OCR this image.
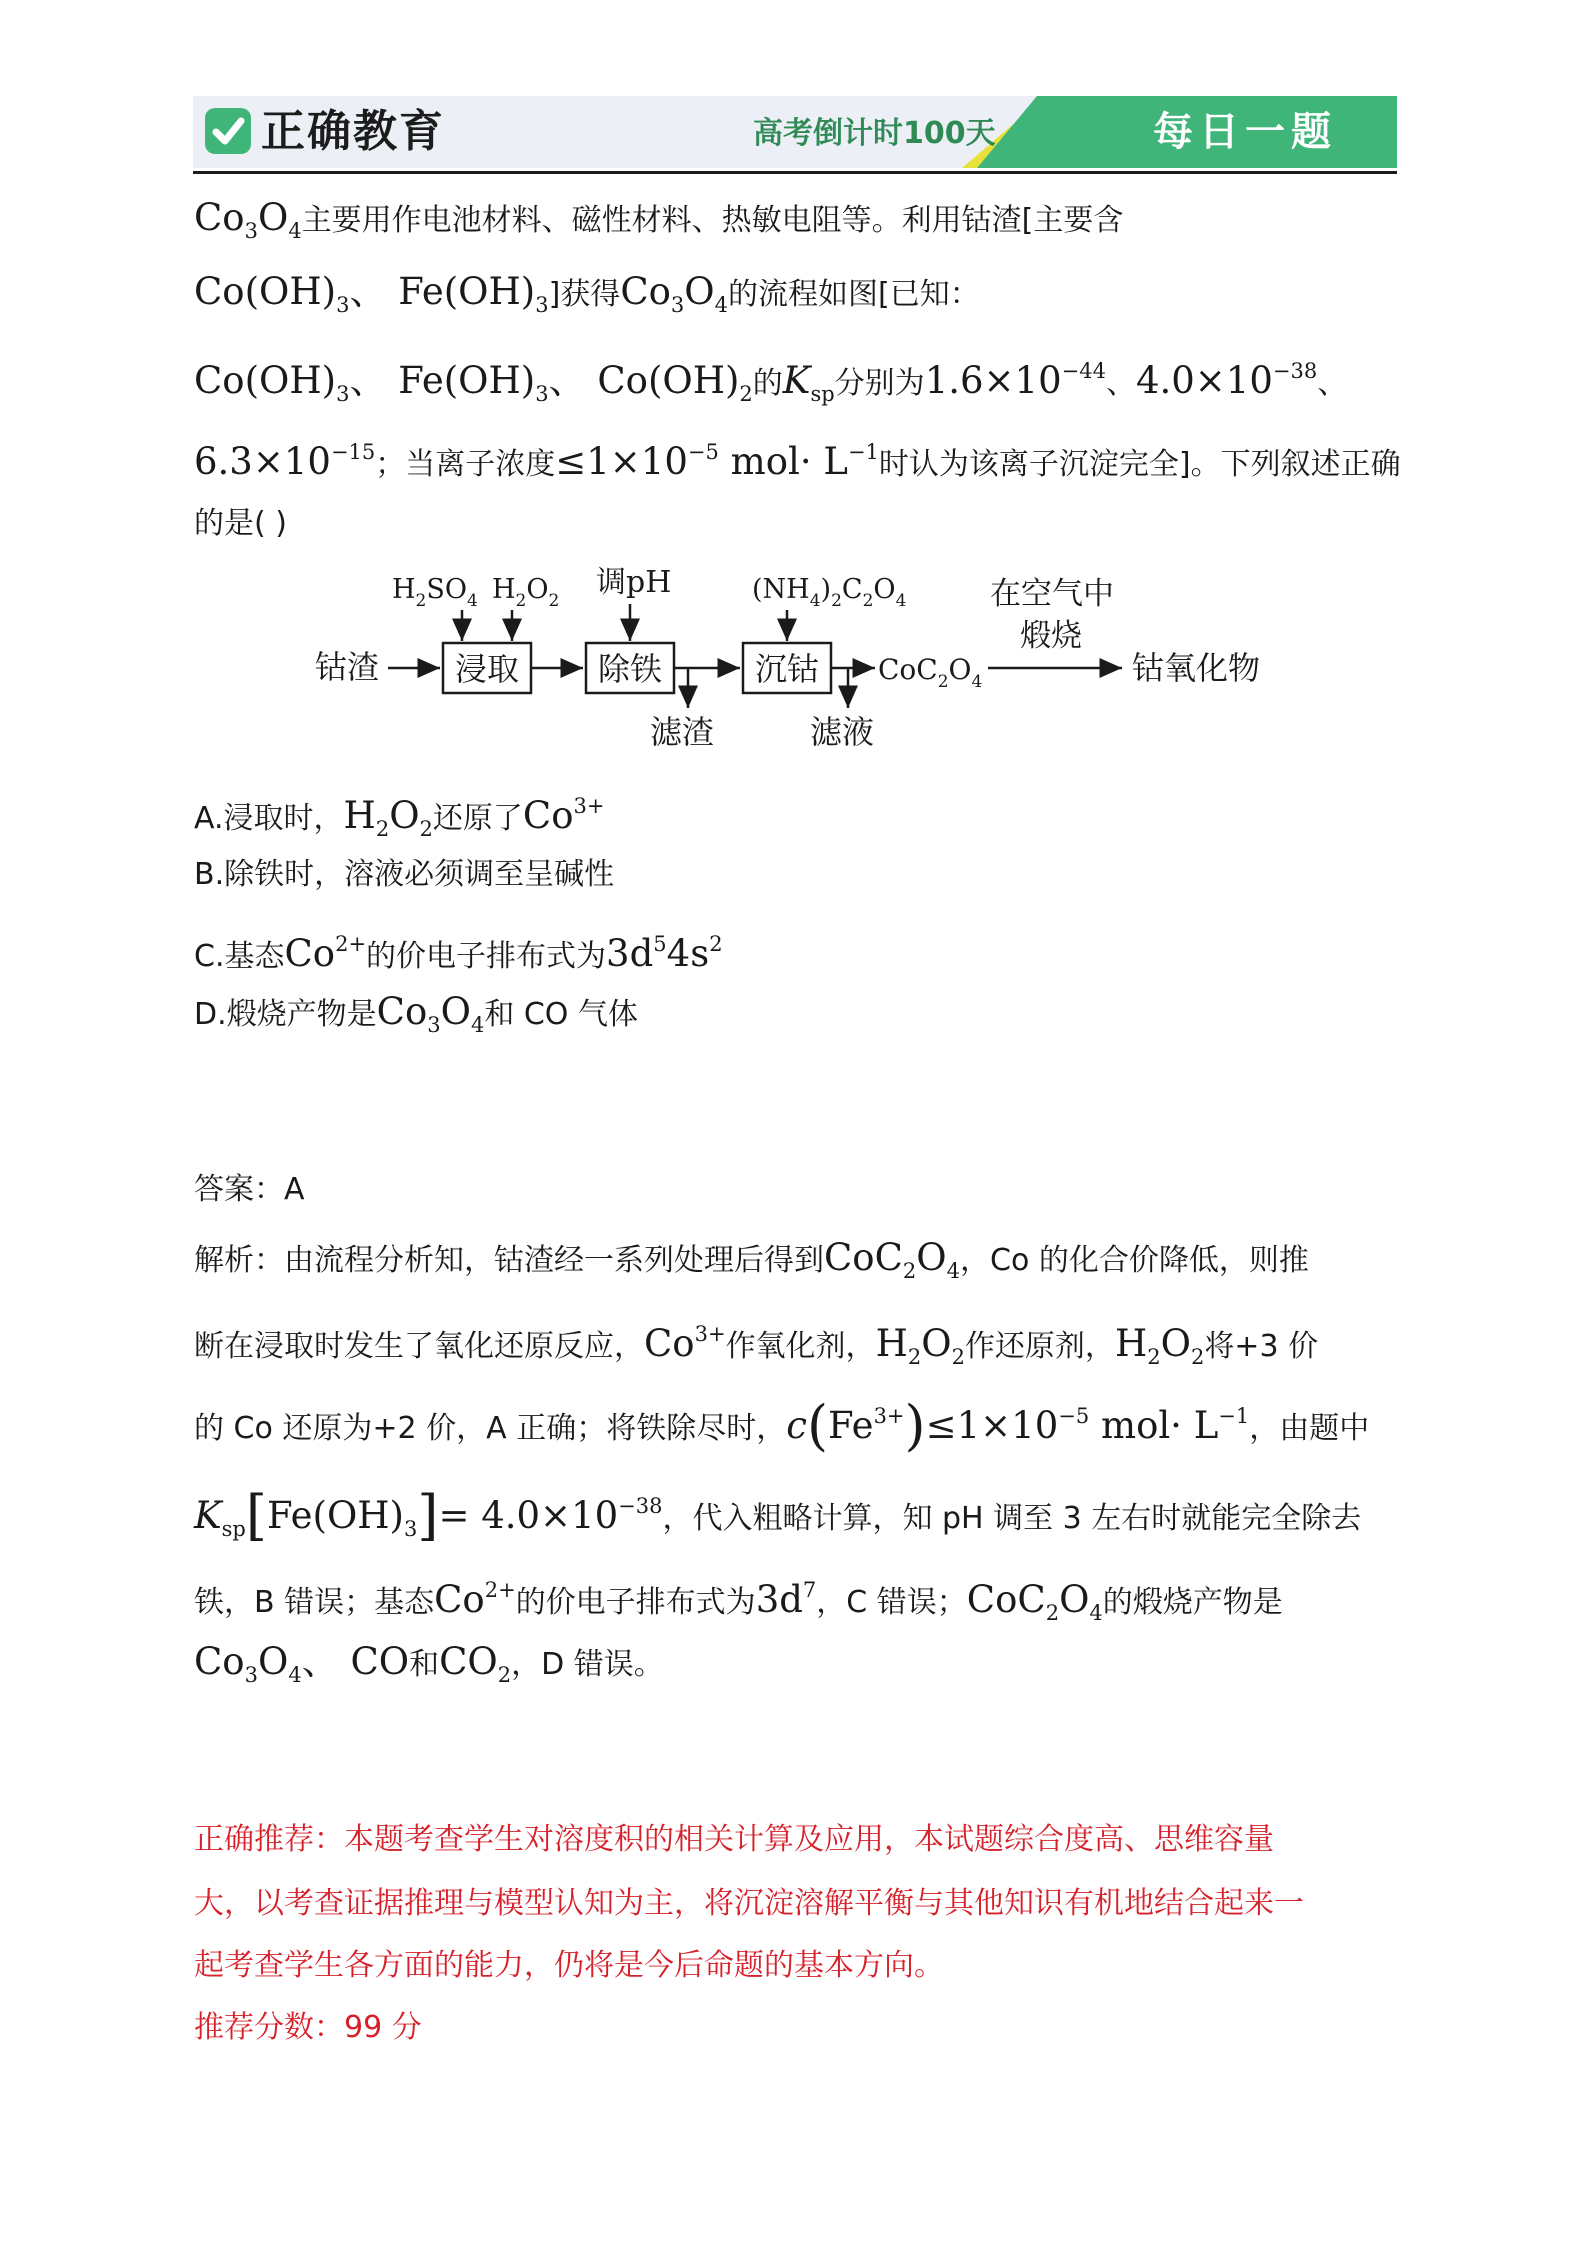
正确教育	高考倒计时100天	每日一题
$Co_3O_4$主要用作电池材料、磁性材料、热敏电阻等。利用钴渣[主要含
$Co(OH)_3$、 $Fe(OH)_3$]获得$Co_3O_4$的流程如图[已知：
$Co(OH)_3$、 $Fe(OH)_3$、 $Co(OH)_2$的$K_{sp}$分别为$1.6\times 10^{-44}$、$4.0\times 10^{-38}$、
$6.3\times 10^{-15}$；当离子浓度$\le 1\times 10^{-5}$ $mol\cdot L^{-1}$时认为该离子沉淀完全]。下列叙述正确
的是( )
钴渣 浸取
$H_2SO_4$ $H_2O_2$
除铁
调pH
滤渣
沉钴
$(NH_4)_2C_2O_4$
滤液
$CoC_2O_4$
在空气中
煅烧
钴氧化物
A.浸取时，$H_2O_2$还原了$Co^{3+}$
B.除铁时，溶液必须调至呈碱性
C.基态$Co^{2+}$的价电子排布式为$3d^54s^2$
D.煅烧产物是$Co_3O_4$和 CO 气体
答案：A
解析：由流程分析知，钴渣经一系列处理后得到$CoC_2O_4$，Co 的化合价降低，则推
断在浸取时发生了氧化还原反应，$Co^{3+}$作氧化剂，$H_2O_2$作还原剂，$H_2O_2$将+3 价
的 Co 还原为+2 价，A 正确；将铁除尽时，$c(Fe^{3+})\le 1\times 10^{-5}$ $mol\cdot L^{-1}$，由题中
$K_{sp}[Fe(OH)_3]= 4.0\times 10^{-38}$，代入粗略计算，知 pH 调至 3 左右时就能完全除去
铁，B 错误；基态$Co^{2+}$的价电子排布式为$3d^7$，C 错误；$CoC_2O_4$的煅烧产物是
$Co_3O_4$、 CO和$CO_2$，D 错误。
正确推荐：本题考查学生对溶度积的相关计算及应用，本试题综合度高、思维容量
大，以考查证据推理与模型认知为主，将沉淀溶解平衡与其他知识有机地结合起来一
起考查学生各方面的能力，仍将是今后命题的基本方向。
推荐分数：99 分
